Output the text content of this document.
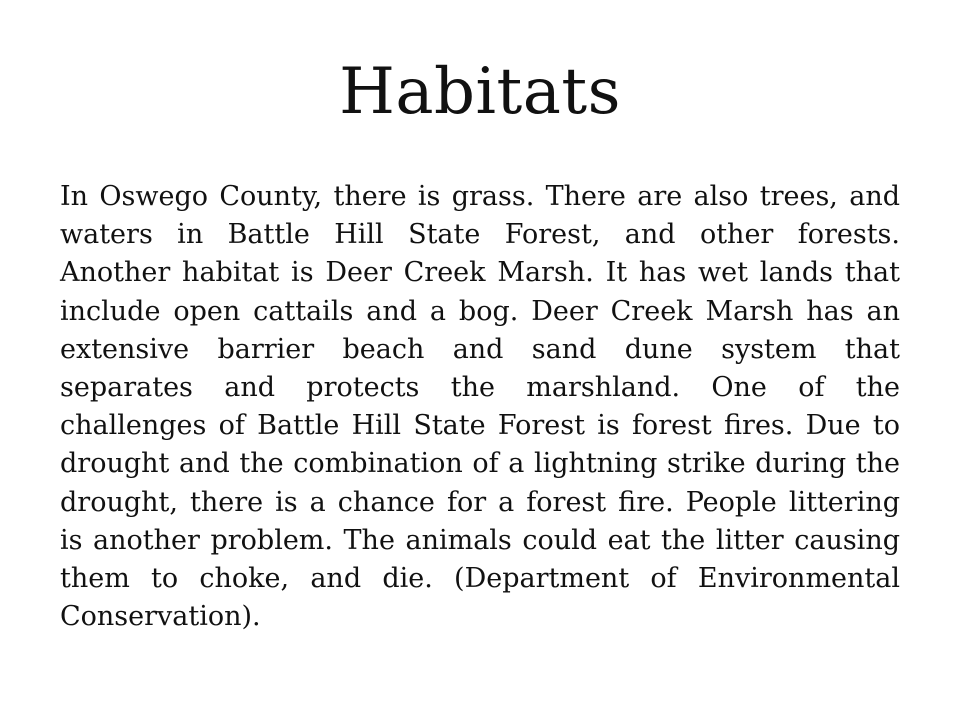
Habitats

In Oswego County, there is grass. There are also trees, and waters in Battle Hill State Forest, and other forests. Another habitat is Deer Creek Marsh. It has wet lands that include open cattails and a bog. Deer Creek Marsh has an extensive barrier beach and sand dune system that separates and protects the marshland. One of the challenges of Battle Hill State Forest is forest fires. Due to drought and the combination of a lightning strike during the drought, there is a chance for a forest fire. People littering is another problem. The animals could eat the litter causing them to choke, and die. (Department of Environmental Conservation).
